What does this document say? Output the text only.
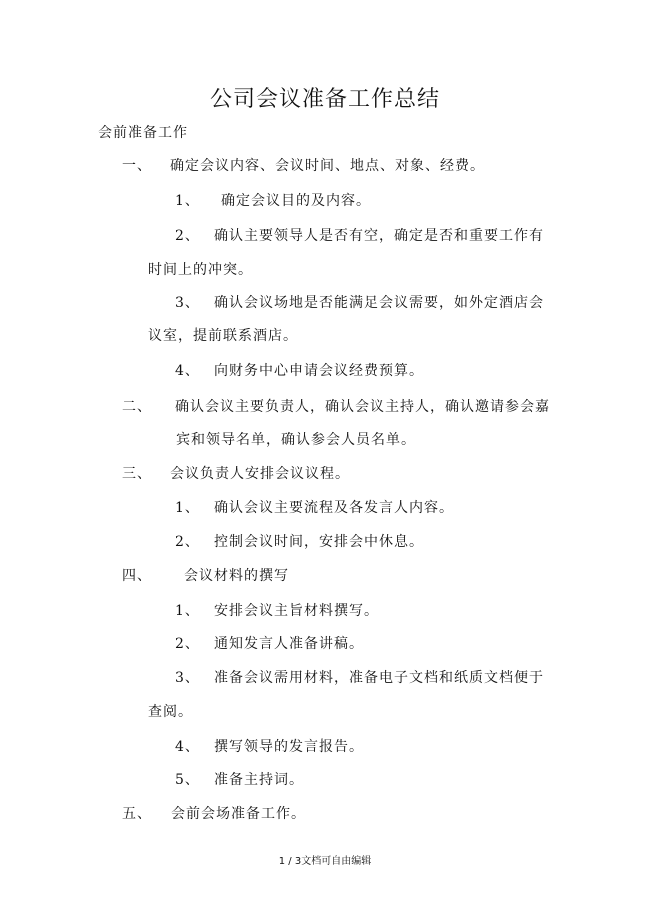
公司会议准备工作总结
会前准备工作
一、 确定会议内容、会议时间、地点、对象、经费。
1、 确定会议目的及内容。
2、 确认主要领导人是否有空，确定是否和重要工作有
时间上的冲突。
3、 确认会议场地是否能满足会议需要，如外定酒店会
议室，提前联系酒店。
4、 向财务中心申请会议经费预算。
二、 确认会议主要负责人，确认会议主持人，确认邀请参会嘉
宾和领导名单，确认参会人员名单。
三、 会议负责人安排会议议程。
1、 确认会议主要流程及各发言人内容。
2、 控制会议时间，安排会中休息。
四、 会议材料的撰写
1、 安排会议主旨材料撰写。
2、 通知发言人准备讲稿。
3、 准备会议需用材料，准备电子文档和纸质文档便于
查阅。
4、 撰写领导的发言报告。
5、 准备主持词。
五、 会前会场准备工作。
1 / 3文档可自由编辑
